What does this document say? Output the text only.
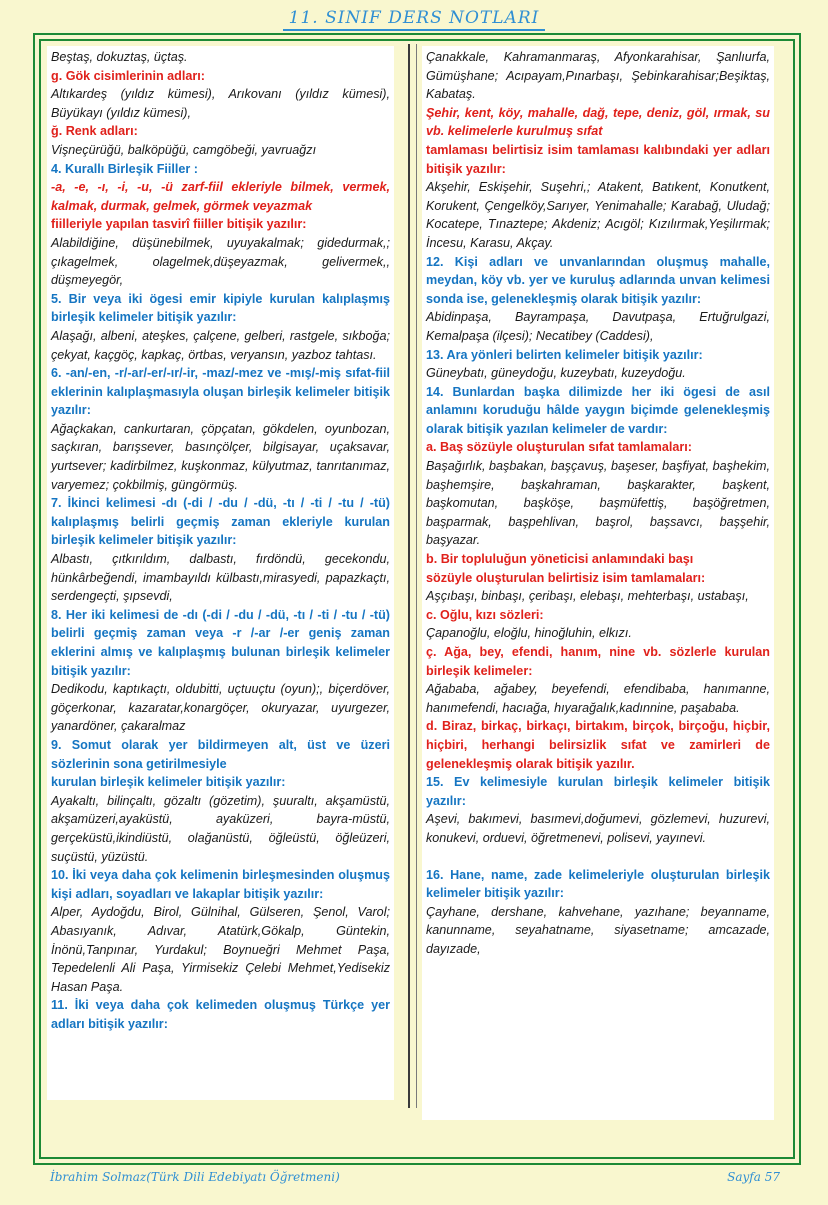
11. SINIF DERS NOTLARI

Beştaş, dokuztaş, üçtaş.

g. Gök cisimlerinin adları:

Altıkardeş (yıldız kümesi), Arıkovanı (yıldız kümesi), Büyükayı (yıldız kümesi),

ğ. Renk adları:

Vişneçürüğü, balköpüğü, camgöbeği, yavruağzı

4. Kurallı Birleşik Fiiller :

-a, -e, -ı, -i, -u, -ü zarf-fiil ekleriyle bilmek, vermek, kalmak, durmak, gelmek, görmek veyazmak

fiilleriyle yapılan tasvirî fiiller bitişik yazılır:

Alabildiğine, düşünebilmek, uyuyakalmak; gidedurmak,; çıkagelmek, olagelmek,düşeyazmak, gelivermek,, düşmeyegör,

5. Bir veya iki ögesi emir kipiyle kurulan kalıplaşmış birleşik kelimeler bitişik yazılır:

Alaşağı, albeni, ateşkes, çalçene, gelberi, rastgele, sıkboğa; çekyat, kaçgöç, kapkaç, örtbas, veryansın, yazboz tahtası.

6. -an/-en, -r/-ar/-er/-ır/-ir, -maz/-mez ve -mış/-miş sıfat-fiil eklerinin kalıplaşmasıyla oluşan birleşik kelimeler bitişik yazılır:

Ağaçkakan, cankurtaran, çöpçatan, gökdelen, oyunbozan, saçkıran, barışsever, basınçölçer, bilgisayar, uçaksavar, yurtsever; kadirbilmez, kuşkonmaz, külyutmaz, tanrıtanımaz, varyemez; çokbilmiş, güngörmüş.

7. İkinci kelimesi -dı (-di / -du / -dü, -tı / -ti / -tu / -tü) kalıplaşmış belirli geçmiş zaman ekleriyle kurulan birleşik kelimeler bitişik yazılır:

Albastı, çıtkırıldım, dalbastı, fırdöndü, gecekondu, hünkârbeğendi, imambayıldı külbastı,mirasyedi, papazkaçtı, serdengeçti, şıpsevdi,

8. Her iki kelimesi de -dı (-di / -du / -dü, -tı / -ti / -tu / -tü) belirli geçmiş zaman veya -r /-ar /-er geniş zaman eklerini almış ve kalıplaşmış bulunan birleşik kelimeler bitişik yazılır:

Dedikodu, kaptıkaçtı, oldubitti, uçtuuçtu (oyun);, biçerdöver, göçerkonar, kazaratar,konargöçer, okuryazar, uyurgezer, yanardöner, çakaralmaz

9. Somut olarak yer bildirmeyen alt, üst ve üzeri sözlerinin sona getirilmesiyle

kurulan birleşik kelimeler bitişik yazılır:

Ayakaltı, bilinçaltı, gözaltı (gözetim), şuuraltı, akşamüstü, akşamüzeri,ayaküstü, ayaküzeri, bayra-müstü, gerçeküstü,ikindiüstü, olağanüstü, öğleüstü, öğleüzeri, suçüstü, yüzüstü.

10. İki veya daha çok kelimenin birleşmesinden oluşmuş kişi adları, soyadları ve lakaplar bitişik yazılır:

Alper, Aydoğdu, Birol, Gülnihal, Gülseren, Şenol, Varol; Abasıyanık, Adıvar, Atatürk,Gökalp, Güntekin, İnönü,Tanpınar, Yurdakul; Boynueğri Mehmet Paşa, Tepedelenli Ali Paşa, Yirmisekiz Çelebi Mehmet,Yedisekiz Hasan Paşa.

11. İki veya daha çok kelimeden oluşmuş Türkçe yer adları bitişik yazılır:

Çanakkale, Kahramanmaraş, Afyonkarahisar, Şanlıurfa, Gümüşhane; Acıpayam,Pınarbaşı, Şebinkarahisar;Beşiktaş, Kabataş.

Şehir, kent, köy, mahalle, dağ, tepe, deniz, göl, ırmak, su vb. kelimelerle kurulmuş sıfat

tamlaması belirtisiz isim tamlaması kalıbındaki yer adları bitişik yazılır:

Akşehir, Eskişehir, Suşehri,; Atakent, Batıkent, Konutkent, Korukent, Çengelköy,Sarıyer, Yenimahalle; Karabağ, Uludağ; Kocatepe, Tınaztepe; Akdeniz; Acıgöl; Kızılırmak,Yeşilırmak; İncesu, Karasu, Akçay.

12. Kişi adları ve unvanlarından oluşmuş mahalle, meydan, köy vb. yer ve kuruluş adlarında unvan kelimesi sonda ise, gelenekleşmiş olarak bitişik yazılır:

Abidinpaşa, Bayrampaşa, Davutpaşa, Ertuğrulgazi, Kemalpaşa (ilçesi); Necatibey (Caddesi),

13. Ara yönleri belirten kelimeler bitişik yazılır:

Güneybatı, güneydoğu, kuzeybatı, kuzeydoğu.

14. Bunlardan başka dilimizde her iki ögesi de asıl anlamını koruduğu hâlde yaygın biçimde gelenekleşmiş olarak bitişik yazılan kelimeler de vardır:

a. Baş sözüyle oluşturulan sıfat tamlamaları:

Başağırlık, başbakan, başçavuş, başeser, başfiyat, başhekim, başhemşire, başkahraman, başkarakter, başkent, başkomutan, başköşe, başmüfettiş, başöğretmen, başparmak, başpehlivan, başrol, başsavcı, başşehir, başyazar.

b. Bir topluluğun yöneticisi anlamındaki başı

sözüyle oluşturulan belirtisiz isim tamlamaları:

Aşçıbaşı, binbaşı, çeribaşı, elebaşı, mehterbaşı, ustabaşı,

c. Oğlu, kızı sözleri:

Çapanoğlu, eloğlu, hinoğluhin, elkızı.

ç. Ağa, bey, efendi, hanım, nine vb. sözlerle kurulan birleşik kelimeler:

Ağababa, ağabey, beyefendi, efendibaba, hanımanne, hanımefendi, hacıağa, hıyarağalık,kadınnine, paşababa.

d. Biraz, birkaç, birkaçı, birtakım, birçok, birçoğu, hiçbir, hiçbiri, herhangi belirsizlik sıfat ve zamirleri de gelenekleşmiş olarak bitişik yazılır.

15. Ev kelimesiyle kurulan birleşik kelimeler bitişik yazılır:

Aşevi, bakımevi, basımevi,doğumevi, gözlemevi, huzurevi, konukevi, orduevi, öğretmenevi, polisevi, yayınevi.

16. Hane, name, zade kelimeleriyle oluşturulan birleşik kelimeler bitişik yazılır:

Çayhane, dershane, kahvehane, yazıhane; beyanname, kanunname, seyahatname, siyasetname; amcazade, dayızade,

İbrahim Solmaz(Türk Dili Edebiyatı Öğretmeni)	Sayfa 57
